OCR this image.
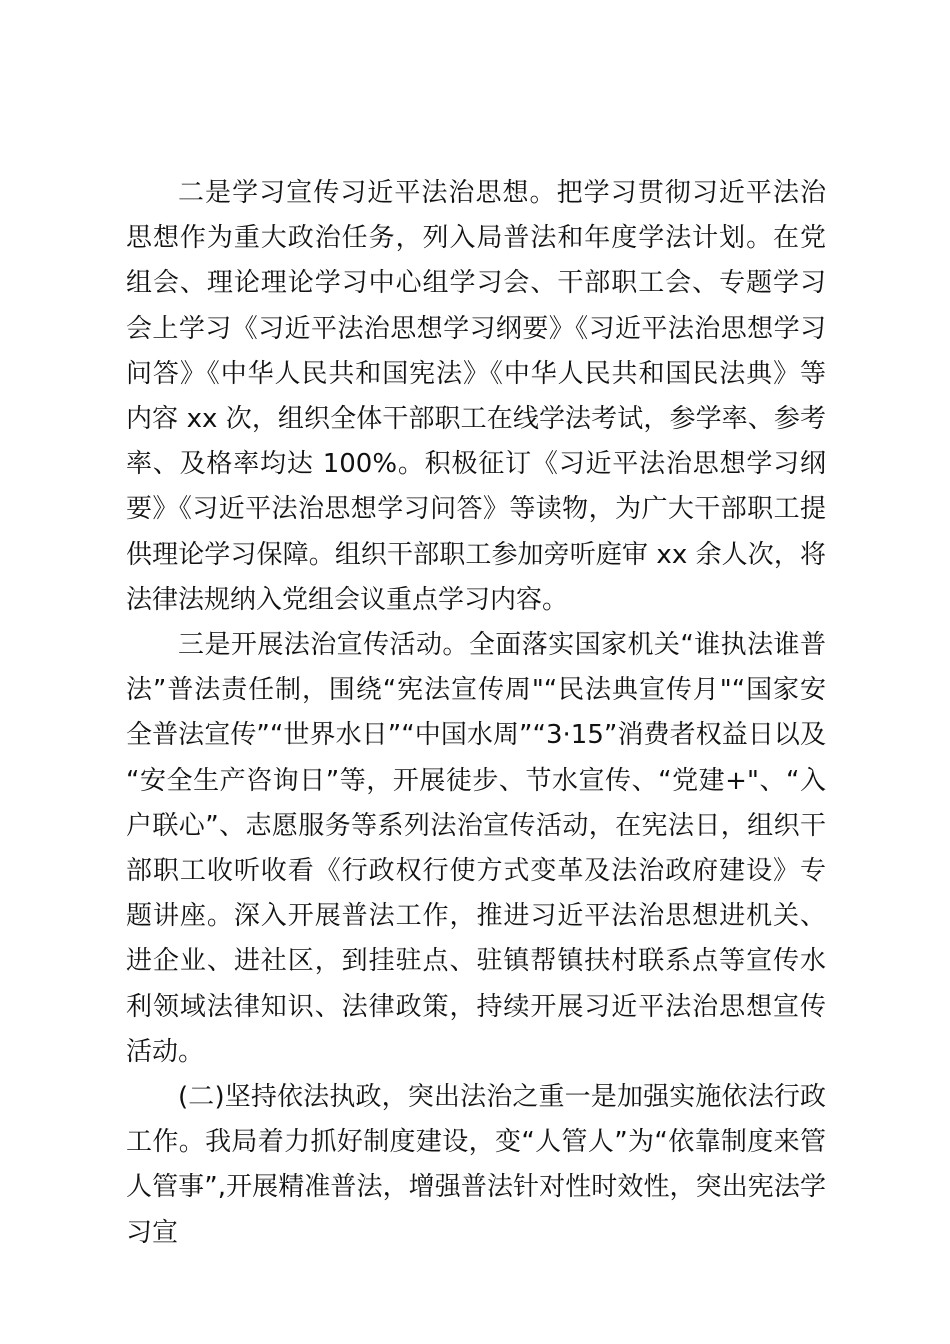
二是学习宣传习近平法治思想。把学习贯彻习近平法治思想作为重大政治任务，列入局普法和年度学法计划。在党组会、理论理论学习中心组学习会、干部职工会、专题学习会上学习《习近平法治思想学习纲要》《习近平法治思想学习问答》《中华人民共和国宪法》《中华人民共和国民法典》等内容 xx 次，组织全体干部职工在线学法考试，参学率、参考率、及格率均达 100%。积极征订《习近平法治思想学习纲要》《习近平法治思想学习问答》等读物，为广大干部职工提供理论学习保障。组织干部职工参加旁听庭审 xx 余人次，将法律法规纳入党组会议重点学习内容。

三是开展法治宣传活动。全面落实国家机关“谁执法谁普法”普法责任制，围绕“宪法宣传周"“民法典宣传月"“国家安全普法宣传”“世界水日”“中国水周”“3·15”消费者权益日以及“安全生产咨询日”等，开展徒步、节水宣传、“党建+"、“入户联心”、志愿服务等系列法治宣传活动，在宪法日，组织干部职工收听收看《行政权行使方式变革及法治政府建设》专题讲座。深入开展普法工作，推进习近平法治思想进机关、进企业、进社区，到挂驻点、驻镇帮镇扶村联系点等宣传水利领域法律知识、法律政策，持续开展习近平法治思想宣传活动。

(二)坚持依法执政，突出法治之重一是加强实施依法行政工作。我局着力抓好制度建设，变“人管人”为“依靠制度来管人管事”,开展精准普法，增强普法针对性时效性，突出宪法学习宣
